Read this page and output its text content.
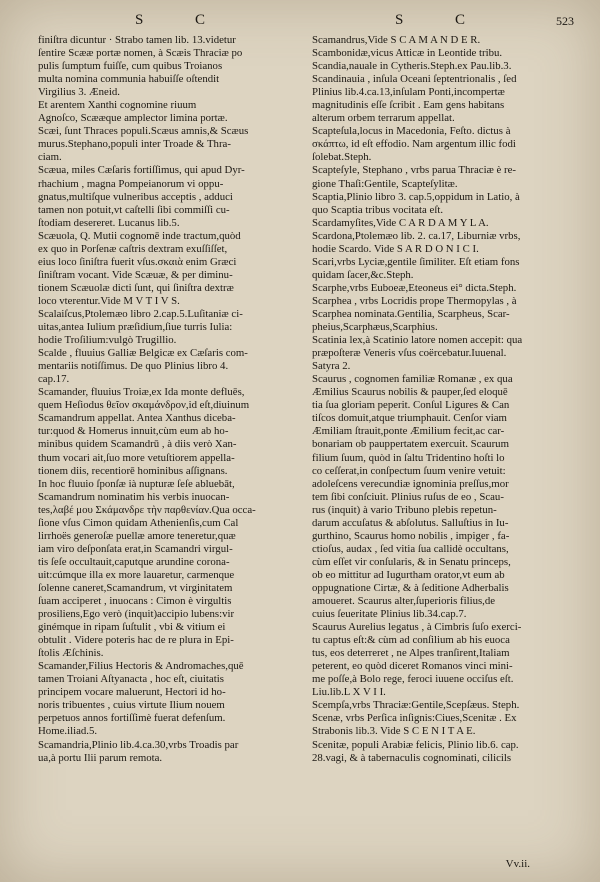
S	C	S	C	523
finiſtra dicuntur · Strabo tamen lib. 13.videtur
ſentire Scææ portæ nomen, à Scæis Thraciæ po
pulis ſumptum fuiſſe, cum quibus Troianos
multa nomina communia habuiſſe oſtendit
Virgilius 3. Æneid.
Et arentem Xanthi cognomine riuum
Agnoſco, Scææque amplector limina portæ.
Scæi, ſunt Thraces populi.Scæus amnis,& Scæus
murus.Stephano,populi inter Troade & Thra-
ciam.
Scæua, miles Cæſaris fortiſſimus, qui apud Dyr-
rhachium , magna Pompeianorum vi oppu-
gnatus,multiſque vulneribus acceptis , adduci
tamen non potuit,vt caſtelli ſibi commiſſi cu-
ſtodiam desereret. Lucanus lib.5.
Scæuola, Q. Mutii cognomē inde tractum,quòd
ex quo in Porſenæ caſtris dextram exuſſiſſet,
eius loco ſiniſtra fuerit vſus.σκαιὰ enim Græci
ſiniſtram vocant. Vide Scæuæ, & per diminu-
tionem Scæuolæ dicti ſunt, qui ſiniſtra dextræ
loco vterentur.Vide M V T I V S.
Scalaiſcus,Ptolemæo libro 2.cap.5.Luſitaniæ ci-
uitas,antea Iulium præſidium,ſiue turris Iulia:
hodie Troſilium:vulgò Trugillio.
Scalde , fluuius Galliæ Belgicæ ex Cæſaris com-
mentariis notiſſimus. De quo Plinius libro 4.
cap.17.
Scamander, fluuius Troiæ,ex Ida monte defluēs,
quem Heſiodus θεῖον σκαμάνδρον,id eſt,diuinum
Scamandrum appellat. Antea Xanthus diceba-
tur:quod & Homerus innuit,cùm eum ab ho-
minibus quidem Scamandrū , à diis verò Xan-
thum vocari ait,ſuo more vetuſtiorem appella-
tionem diis, recentiorē hominibus aſſignans.
In hoc fluuio ſponſæ ià nupturæ ſeſe abluebāt,
Scamandrum nominatim his verbis inuocan-
tes,λαβέ μου Σκάμανδρε τὴν παρθενίαν.Qua occa-
ſione vſus Cimon quidam Athenienſis,cum Cal
lirrhoës generoſæ puellæ amore teneretur,quæ
iam viro deſponſata erat,in Scamandri virgul-
tis ſeſe occultauit,caputque arundine corona-
uit:cúmque illa ex more lauaretur, carmenque
ſolenne caneret,Scamandrum, vt virginitatem
ſuam acciperet , inuocans : Cimon è virgultis
prosiliens,Ego verò (inquit)accipio lubens:vir
ginémque in ripam ſuſtulit , vbi & vitium ei
obtulit . Videre poteris hac de re plura in Epi-
ſtolis Æſchinis.
Scamander,Filius Hectoris & Andromaches,quē
tamen Troiani Aſtyanacta , hoc eſt, ciuitatis
principem vocare maluerunt, Hectori id ho-
noris tribuentes , cuius virtute Ilium nouem
perpetuos annos fortiſſimè fuerat defenſum.
Home.iliad.5.
Scamandria,Plinio lib.4.ca.30,vrbs Troadis par
ua,à portu Ilii parum remota.
Scamandrus,Vide S C A M A N D E R.
Scambonidæ,vicus Atticæ in Leontide tribu.
Scandia,nauale in Cytheris.Steph.ex Pau.lib.3.
Scandinauia , inſula Oceani ſeptentrionalis , ſed
Plinius lib.4.ca.13,inſulam Ponti,incompertæ
magnitudinis eſſe ſcribit . Eam gens habitans
alterum orbem terrarum appellat.
Scapteſula,locus in Macedonia, Feſto. dictus à
σκάπτω, id eſt effodio. Nam argentum illic fodi
ſolebat.Steph.
Scapteſyle, Stephano , vrbs parua Thraciæ è re-
gione Thaſi:Gentile, Scapteſylitæ.
Scaptia,Plinio libro 3. cap.5,oppidum in Latio, à
quo Scaptia tribus vocitata eſt.
Scardamyſites,Vide C A R D A M Y L A.
Scardona,Ptolemæo lib. 2. ca.17, Liburniæ vrbs,
hodie Scardo. Vide S A R D O N I C I.
Scari,vrbs Lyciæ,gentile ſimiliter. Eſt etiam fons
quidam ſacer,&c.Steph.
Scarphe,vrbs Euboeæ,Eteoneus ei° dicta.Steph.
Scarphea , vrbs Locridis prope Thermopylas , à
Scarphea nominata.Gentilia, Scarpheus, Scar-
pheius,Scarphæus,Scarphius.
Scatinia lex,à Scatinio latore nomen accepit: qua
præpoſteræ Veneris vſus coërcebatur.Iuuenal.
Satyra 2.
Scaurus , cognomen familiæ Romanæ , ex qua
Æmilius Scaurus nobilis & pauper,ſed eloquē
tia ſua gloriam peperit. Conſul Ligures & Can
tiſcos domuit,atque triumphauit. Cenſor viam
Æmiliam ſtrauit,ponte Æmilium fecit,ac car-
bonariam ob pauppertatem exercuit. Scaurum
filium ſuum, quòd in ſaltu Tridentino hoſti lo
co ceſſerat,in conſpectum ſuum venire vetuit:
adoleſcens verecundiæ ignominia preſſus,mor
tem ſibi conſciuit. Plinius ruſus de eo , Scau-
rus (inquit) à vario Tribuno plebis repetun-
darum accuſatus & abſolutus. Salluſtius in Iu-
gurthino, Scaurus homo nobilis , impiger , fa-
ctioſus, audax , ſed vitia ſua callidè occultans,
cùm eſſet vir conſularis, & in Senatu princeps,
ob eo mittitur ad Iugurtham orator,vt eum ab
oppugnatione Cirtæ, & à ſeditione Adherbalis
amoueret. Scaurus alter,ſuperioris filius,de
cuius ſeueritate Plinius lib.34.cap.7.
Scaurus Aurelius legatus , à Cimbris ſuſo exerci-
tu captus eſt:& cùm ad conſilium ab his euoca
tus, eos deterreret , ne Alpes tranſirent,Italiam
peterent, eo quòd diceret Romanos vinci mini-
me poſſe,à Bolo rege, feroci iuuene occiſus eſt.
Liu.lib.L X V I I.
Scempſa,vrbs Thraciæ:Gentile,Scepſæus. Steph.
Scenæ, vrbs Perſica inſignis:Ciues,Scenitæ . Ex
Strabonis lib.3. Vide S C E N I T A E.
Scenitæ, populi Arabiæ felicis, Plinio lib.6. cap.
28.vagi, & à tabernaculis cognominati, cilicils
Vv.ii.
